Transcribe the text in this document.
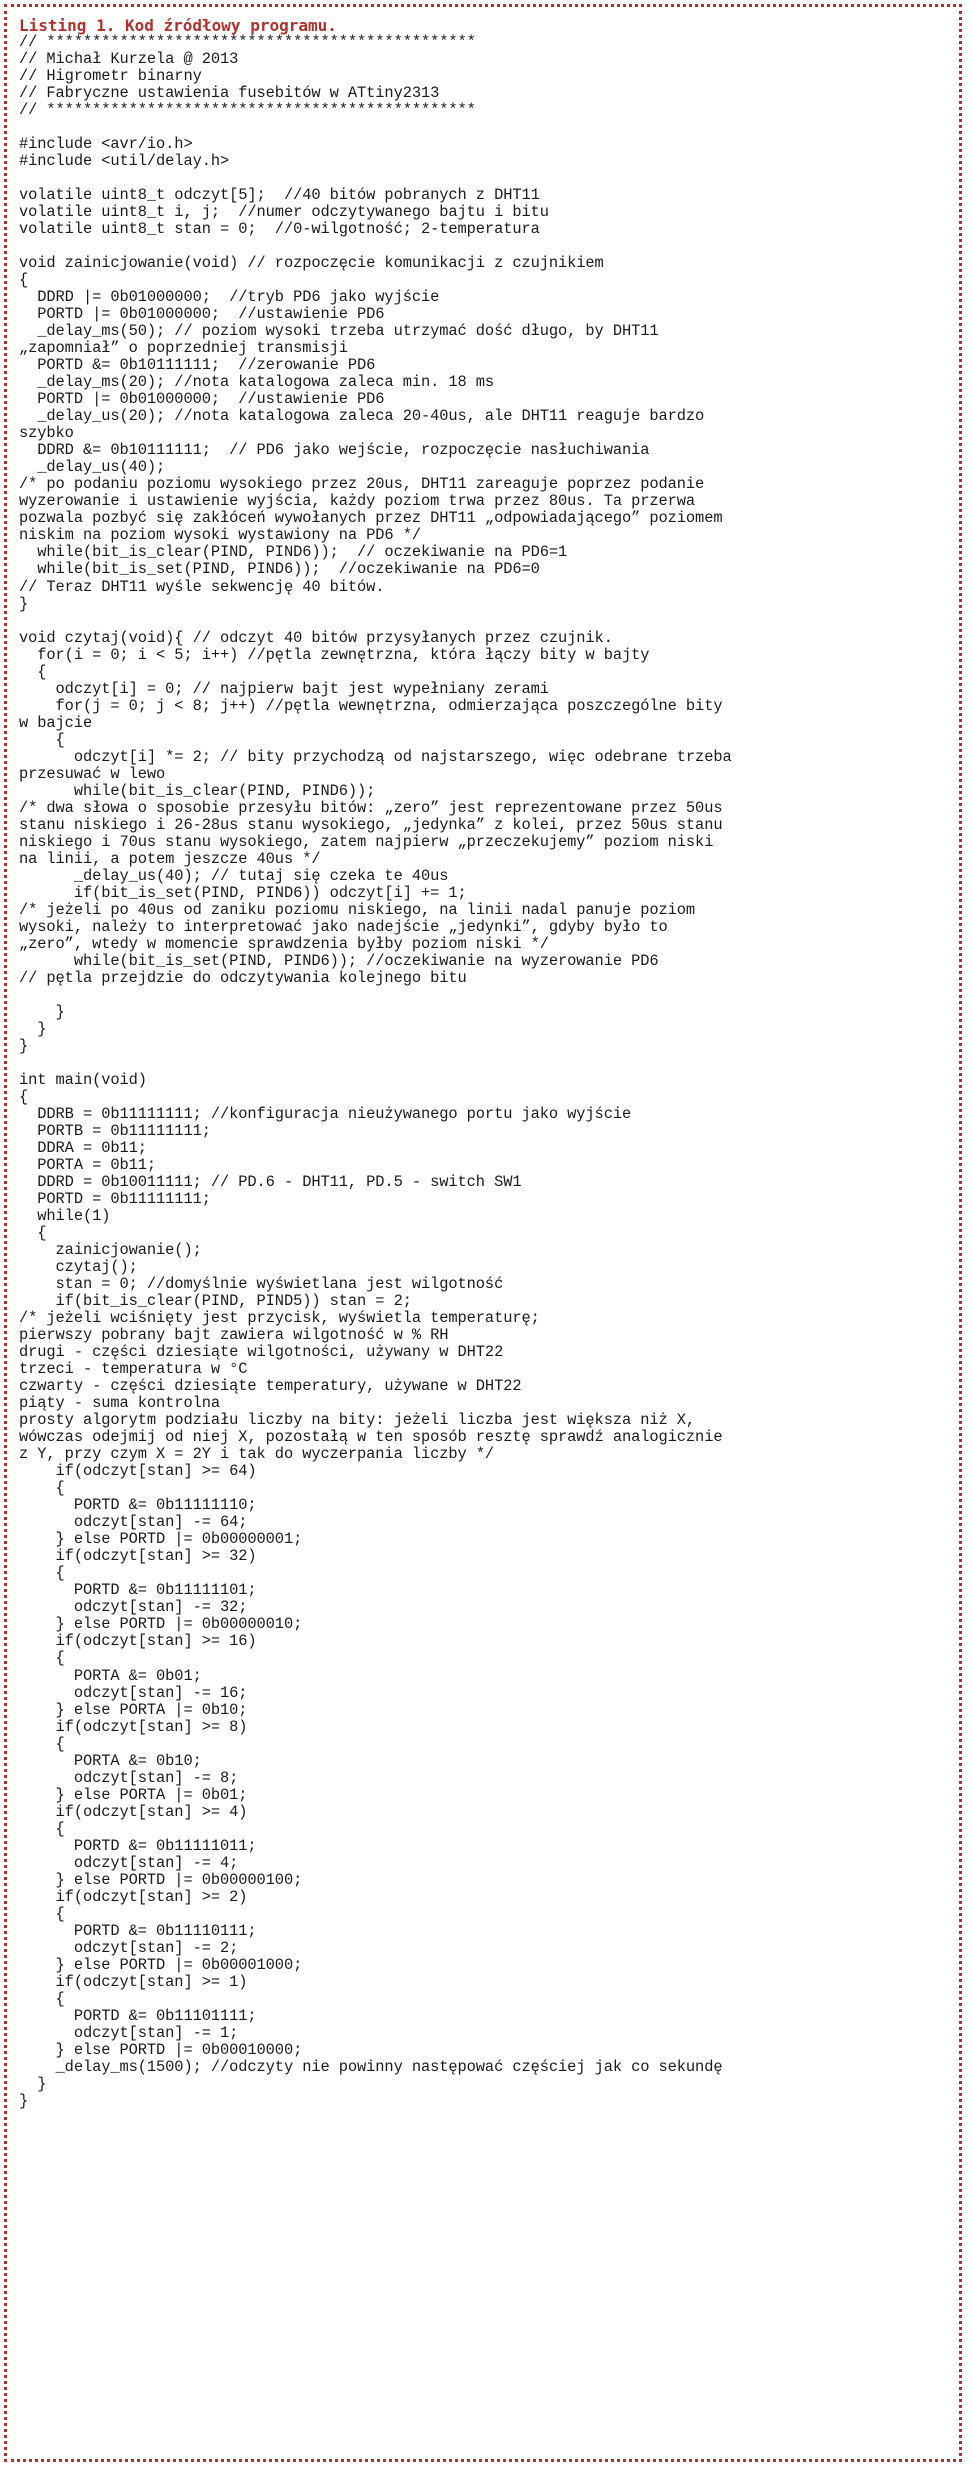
Listing 1. Kod źródłowy programu.
// ***********************************************
// Michał Kurzela @ 2013
// Higrometr binarny
// Fabryczne ustawienia fusebitów w ATtiny2313
// ***********************************************

#include <avr/io.h>
#include <util/delay.h>

volatile uint8_t odczyt[5];  //40 bitów pobranych z DHT11
volatile uint8_t i, j;  //numer odczytywanego bajtu i bitu
volatile uint8_t stan = 0;  //0-wilgotność; 2-temperatura

void zainicjowanie(void) // rozpoczęcie komunikacji z czujnikiem
{
DDRD |= 0b01000000;  //tryb PD6 jako wyjście
PORTD |= 0b01000000;  //ustawienie PD6
_delay_ms(50); // poziom wysoki trzeba utrzymać dość długo, by DHT11
„zapomniał” o poprzedniej transmisji
PORTD &= 0b10111111;  //zerowanie PD6
_delay_ms(20); //nota katalogowa zaleca min. 18 ms
PORTD |= 0b01000000;  //ustawienie PD6
_delay_us(20); //nota katalogowa zaleca 20-40us, ale DHT11 reaguje bardzo
szybko
DDRD &= 0b10111111;  // PD6 jako wejście, rozpoczęcie nasłuchiwania
_delay_us(40);
/* po podaniu poziomu wysokiego przez 20us, DHT11 zareaguje poprzez podanie
wyzerowanie i ustawienie wyjścia, każdy poziom trwa przez 80us. Ta przerwa
pozwala pozbyć się zakłóceń wywołanych przez DHT11 „odpowiadającego” poziomem
niskim na poziom wysoki wystawiony na PD6 */
while(bit_is_clear(PIND, PIND6));  // oczekiwanie na PD6=1
while(bit_is_set(PIND, PIND6));  //oczekiwanie na PD6=0
// Teraz DHT11 wyśle sekwencję 40 bitów.
}

void czytaj(void){ // odczyt 40 bitów przysyłanych przez czujnik.
for(i = 0; i < 5; i++) //pętla zewnętrzna, która łączy bity w bajty
{
odczyt[i] = 0; // najpierw bajt jest wypełniany zerami
for(j = 0; j < 8; j++) //pętla wewnętrzna, odmierzająca poszczególne bity
w bajcie
{
odczyt[i] *= 2; // bity przychodzą od najstarszego, więc odebrane trzeba
przesuwać w lewo
while(bit_is_clear(PIND, PIND6));
/* dwa słowa o sposobie przesyłu bitów: „zero” jest reprezentowane przez 50us
stanu niskiego i 26-28us stanu wysokiego, „jedynka” z kolei, przez 50us stanu
niskiego i 70us stanu wysokiego, zatem najpierw „przeczekujemy” poziom niski
na linii, a potem jeszcze 40us */
_delay_us(40); // tutaj się czeka te 40us
if(bit_is_set(PIND, PIND6)) odczyt[i] += 1;
/* jeżeli po 40us od zaniku poziomu niskiego, na linii nadal panuje poziom
wysoki, należy to interpretować jako nadejście „jedynki”, gdyby było to
„zero”, wtedy w momencie sprawdzenia byłby poziom niski */
while(bit_is_set(PIND, PIND6)); //oczekiwanie na wyzerowanie PD6
// pętla przejdzie do odczytywania kolejnego bitu

}
}
}

int main(void)
{
DDRB = 0b11111111; //konfiguracja nieużywanego portu jako wyjście
PORTB = 0b11111111;
DDRA = 0b11;
PORTA = 0b11;
DDRD = 0b10011111; // PD.6 - DHT11, PD.5 - switch SW1
PORTD = 0b11111111;
while(1)
{
zainicjowanie();
czytaj();
stan = 0; //domyślnie wyświetlana jest wilgotność
if(bit_is_clear(PIND, PIND5)) stan = 2;
/* jeżeli wciśnięty jest przycisk, wyświetla temperaturę;
pierwszy pobrany bajt zawiera wilgotność w % RH
drugi - części dziesiąte wilgotności, używany w DHT22
trzeci - temperatura w °C
czwarty - części dziesiąte temperatury, używane w DHT22
piąty - suma kontrolna
prosty algorytm podziału liczby na bity: jeżeli liczba jest większa niż X,
wówczas odejmij od niej X, pozostałą w ten sposób resztę sprawdź analogicznie
z Y, przy czym X = 2Y i tak do wyczerpania liczby */
if(odczyt[stan] >= 64)
{
PORTD &= 0b11111110;
odczyt[stan] -= 64;
} else PORTD |= 0b00000001;
if(odczyt[stan] >= 32)
{
PORTD &= 0b11111101;
odczyt[stan] -= 32;
} else PORTD |= 0b00000010;
if(odczyt[stan] >= 16)
{
PORTA &= 0b01;
odczyt[stan] -= 16;
} else PORTA |= 0b10;
if(odczyt[stan] >= 8)
{
PORTA &= 0b10;
odczyt[stan] -= 8;
} else PORTA |= 0b01;
if(odczyt[stan] >= 4)
{
PORTD &= 0b11111011;
odczyt[stan] -= 4;
} else PORTD |= 0b00000100;
if(odczyt[stan] >= 2)
{
PORTD &= 0b11110111;
odczyt[stan] -= 2;
} else PORTD |= 0b00001000;
if(odczyt[stan] >= 1)
{
PORTD &= 0b11101111;
odczyt[stan] -= 1;
} else PORTD |= 0b00010000;
_delay_ms(1500); //odczyty nie powinny następować częściej jak co sekundę
}
}
